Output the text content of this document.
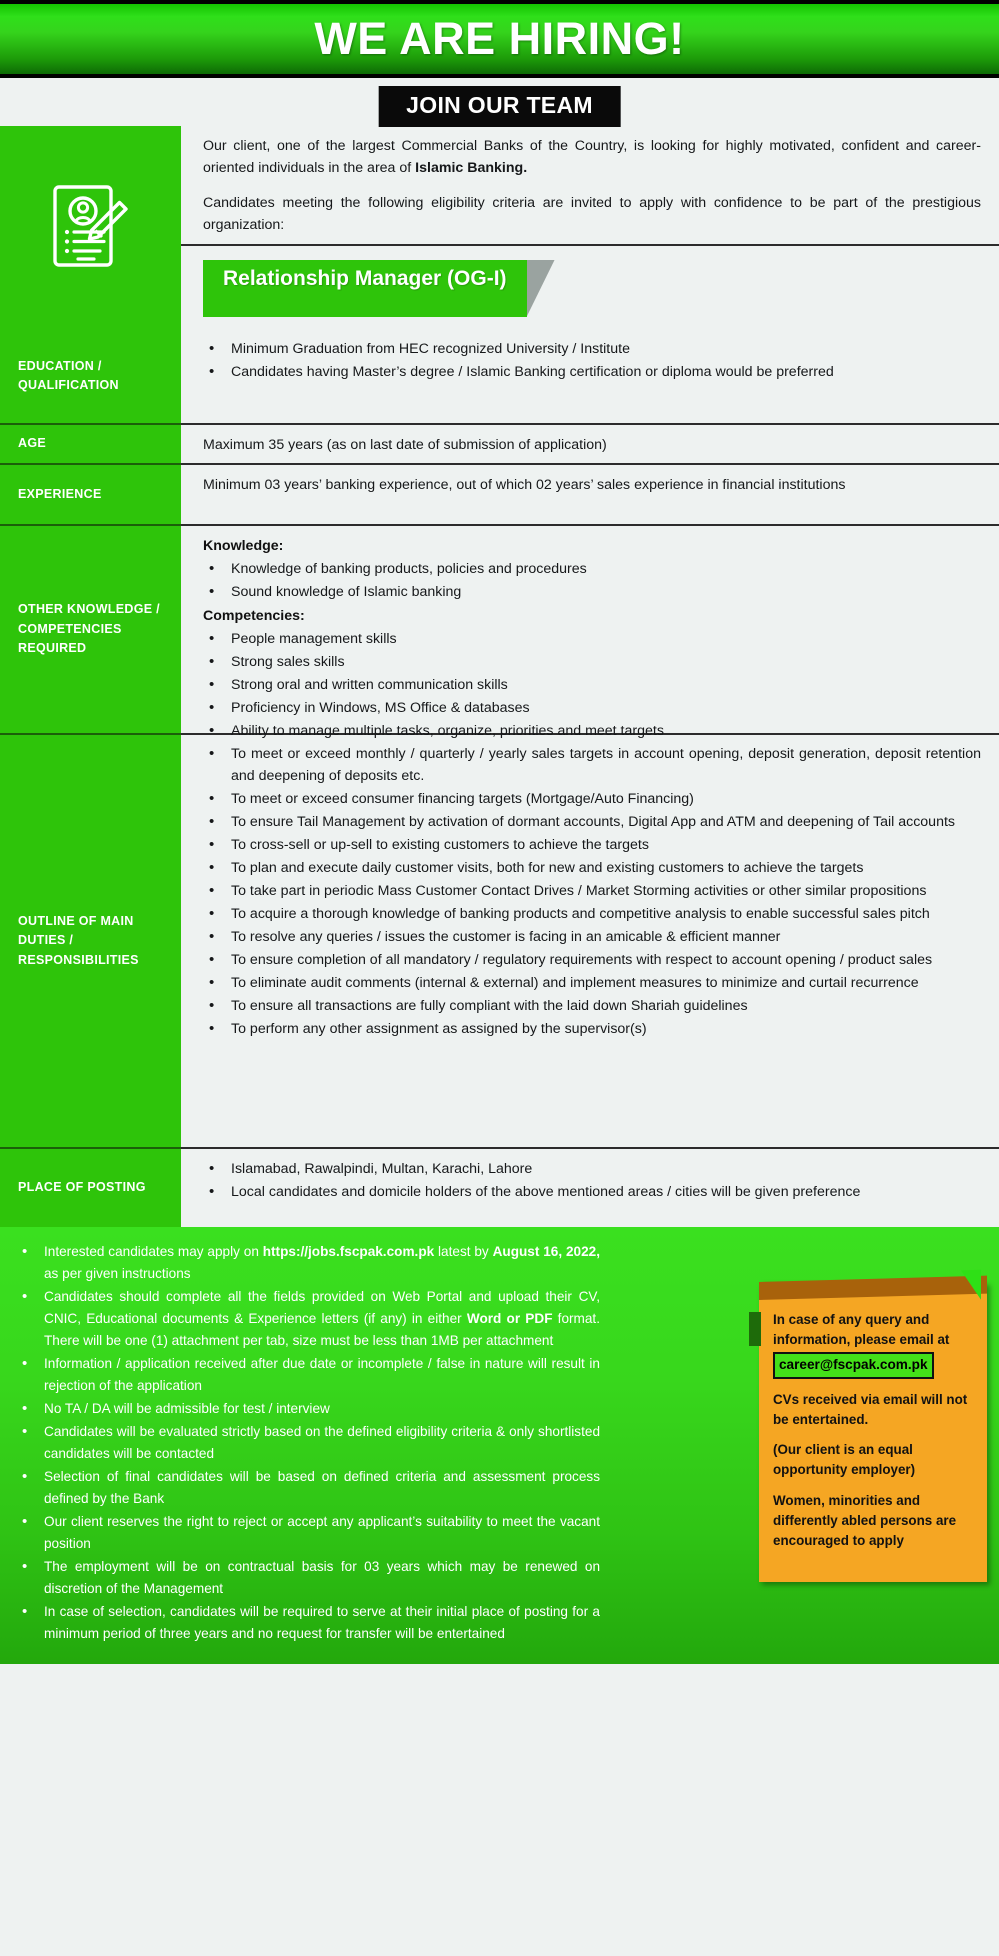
WE ARE HIRING!
JOIN OUR TEAM
EDUCATION /
QUALIFICATION
AGE
EXPERIENCE
OTHER KNOWLEDGE /
COMPETENCIES
REQUIRED
OUTLINE OF MAIN
DUTIES /
RESPONSIBILITIES
PLACE OF POSTING

Our client, one of the largest Commercial Banks of the Country, is looking for highly motivated, confident and career-oriented individuals in the area of Islamic Banking.

Candidates meeting the following eligibility criteria are invited to apply with confidence to be part of the prestigious organization:

Relationship Manager (OG-I)
• Minimum Graduation from HEC recognized University / Institute
• Candidates having Master’s degree / Islamic Banking certification or diploma would be preferred
Maximum 35 years (as on last date of submission of application)
Minimum 03 years’ banking experience, out of which 02 years’ sales experience in financial institutions
Knowledge:
• Knowledge of banking products, policies and procedures
• Sound knowledge of Islamic banking
Competencies:
• People management skills
• Strong sales skills
• Strong oral and written communication skills
• Proficiency in Windows, MS Office & databases
• Ability to manage multiple tasks, organize, priorities and meet targets
• To meet or exceed monthly / quarterly / yearly sales targets in account opening, deposit generation, deposit retention and deepening of deposits etc.
• To meet or exceed consumer financing targets (Mortgage/Auto Financing)
• To ensure Tail Management by activation of dormant accounts, Digital App and ATM and deepening of Tail accounts
• To cross-sell or up-sell to existing customers to achieve the targets
• To plan and execute daily customer visits, both for new and existing customers to achieve the targets
• To take part in periodic Mass Customer Contact Drives / Market Storming activities or other similar propositions
• To acquire a thorough knowledge of banking products and competitive analysis to enable successful sales pitch
• To resolve any queries / issues the customer is facing in an amicable & efficient manner
• To ensure completion of all mandatory / regulatory requirements with respect to account opening / product sales
• To eliminate audit comments (internal & external) and implement measures to minimize and curtail recurrence
• To ensure all transactions are fully compliant with the laid down Shariah guidelines
• To perform any other assignment as assigned by the supervisor(s)
• Islamabad, Rawalpindi, Multan, Karachi, Lahore
• Local candidates and domicile holders of the above mentioned areas / cities will be given preference
• Interested candidates may apply on https://jobs.fscpak.com.pk latest by August 16, 2022, as per given instructions
• Candidates should complete all the fields provided on Web Portal and upload their CV, CNIC, Educational documents & Experience letters (if any) in either Word or PDF format. There will be one (1) attachment per tab, size must be less than 1MB per attachment
• Information / application received after due date or incomplete / false in nature will result in rejection of the application
• No TA / DA will be admissible for test / interview
• Candidates will be evaluated strictly based on the defined eligibility criteria & only shortlisted candidates will be contacted
• Selection of final candidates will be based on defined criteria and assessment process defined by the Bank
• Our client reserves the right to reject or accept any applicant’s suitability to meet the vacant position
• The employment will be on contractual basis for 03 years which may be renewed on discretion of the Management
• In case of selection, candidates will be required to serve at their initial place of posting for a minimum period of three years and no request for transfer will be entertained

In case of any query and information, please email at

career@fscpak.com.pk

CVs received via email will not be entertained.

(Our client is an equal opportunity employer)

Women, minorities and differently abled persons are encouraged to apply
